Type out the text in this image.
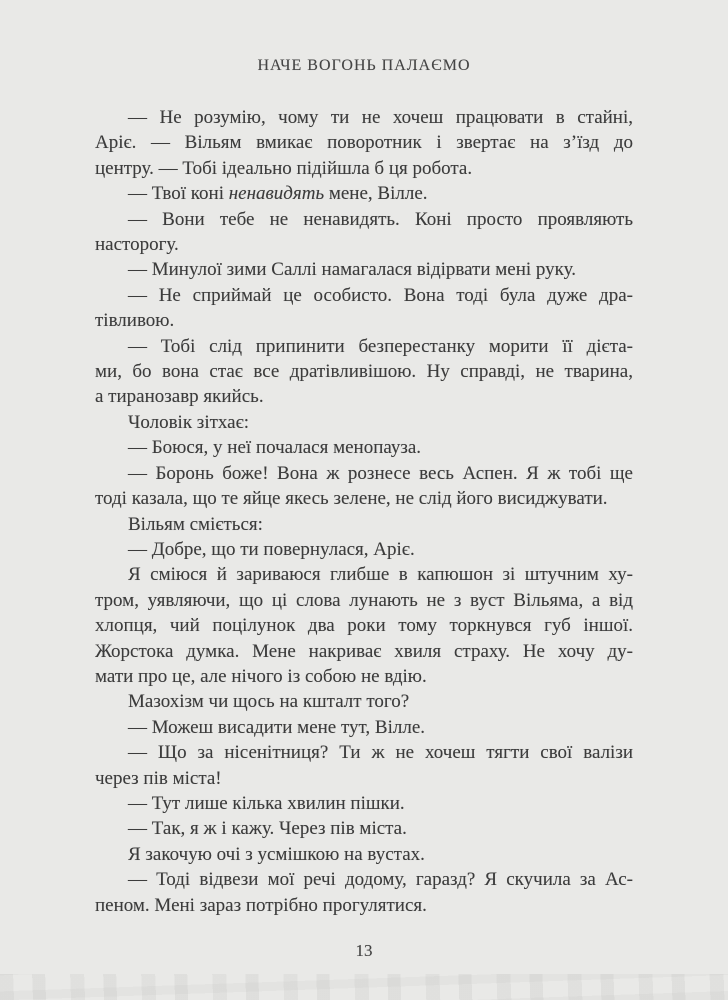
НАЧЕ ВОГОНЬ ПАЛАЄМО
— Не розумію, чому ти не хочеш працювати в стайні,
Аріє. — Вільям вмикає поворотник і звертає на з’їзд до
центру. — Тобі ідеально підійшла б ця робота.
— Твої коні ненавидять мене, Вілле.
— Вони тебе не ненавидять. Коні просто проявляють
насторогу.
— Минулої зими Саллі намагалася відірвати мені руку.
— Не сприймай це особисто. Вона тоді була дуже дра-
тівливою.
— Тобі слід припинити безперестанку морити її дієта-
ми, бо вона стає все дратівливішою. Ну справді, не тварина,
а тиранозавр якийсь.
Чоловік зітхає:
— Боюся, у неї почалася менопауза.
— Боронь боже! Вона ж рознесе весь Аспен. Я ж тобі ще
тоді казала, що те яйце якесь зелене, не слід його висиджувати.
Вільям сміється:
— Добре, що ти повернулася, Аріє.
Я сміюся й зариваюся глибше в капюшон зі штучним ху-
тром, уявляючи, що ці слова лунають не з вуст Вільяма, а від
хлопця, чий поцілунок два роки тому торкнувся губ іншої.
Жорстока думка. Мене накриває хвиля страху. Не хочу ду-
мати про це, але нічого із собою не вдію.
Мазохізм чи щось на кшталт того?
— Можеш висадити мене тут, Вілле.
— Що за нісенітниця? Ти ж не хочеш тягти свої валізи
через пів міста!
— Тут лише кілька хвилин пішки.
— Так, я ж і кажу. Через пів міста.
Я закочую очі з усмішкою на вустах.
— Тоді відвези мої речі додому, гаразд? Я скучила за Ас-
пеном. Мені зараз потрібно прогулятися.
13
